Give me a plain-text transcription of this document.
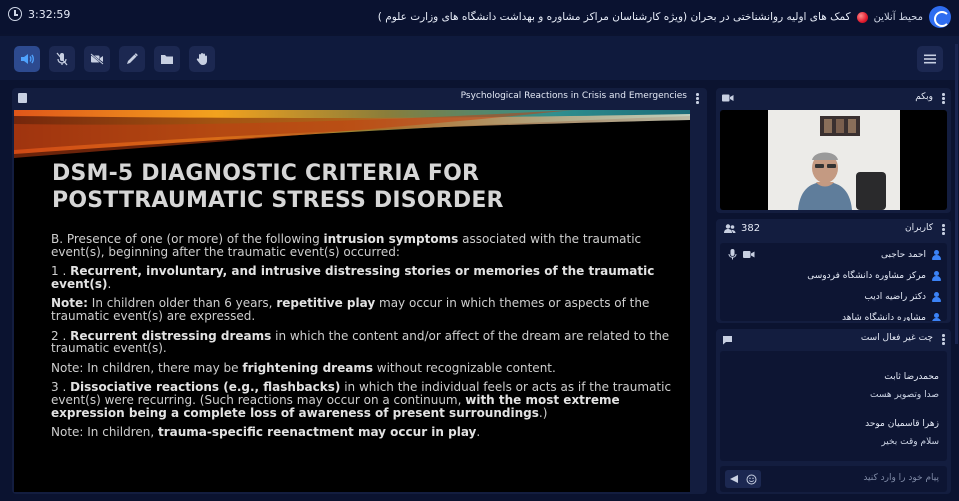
3:32:59	کمک های اولیه روانشناختی در بحران (ویژه کارشناسان مراکز مشاوره و بهداشت دانشگاه های وزارت علوم ) محیط آنلاین
Psychological Reactions in Crisis and Emergencies
DSM-5 DIAGNOSTIC CRITERIA FOR
POSTTRAUMATIC STRESS DISORDER

B. Presence of one (or more) of the following intrusion symptoms associated with the traumatic event(s), beginning after the traumatic event(s) occurred:

1 . Recurrent, involuntary, and intrusive distressing stories or memories of the traumatic event(s).

Note: In children older than 6 years, repetitive play may occur in which themes or aspects of the traumatic event(s) are expressed.

2 . Recurrent distressing dreams in which the content and/or affect of the dream are related to the traumatic event(s).

Note: In children, there may be frightening dreams without recognizable content.

3 . Dissociative reactions (e.g., flashbacks) in which the individual feels or acts as if the traumatic event(s) were recurring. (Such reactions may occur on a continuum, with the most extreme expression being a complete loss of awareness of present surroundings.)

Note: In children, trauma-specific reenactment may occur in play.

وبکم
382	کاربران
احمد حاجبی
مرکز مشاوره دانشگاه فردوسی
دکتر راضیه ادیب
مشاوره دانشگاه شاهد
چت غیر فعال است
محمدرضا ثابت
صدا وتصویر هست
زهرا قاسمیان موحد
سلام وقت بخیر
پیام خود را وارد کنید
